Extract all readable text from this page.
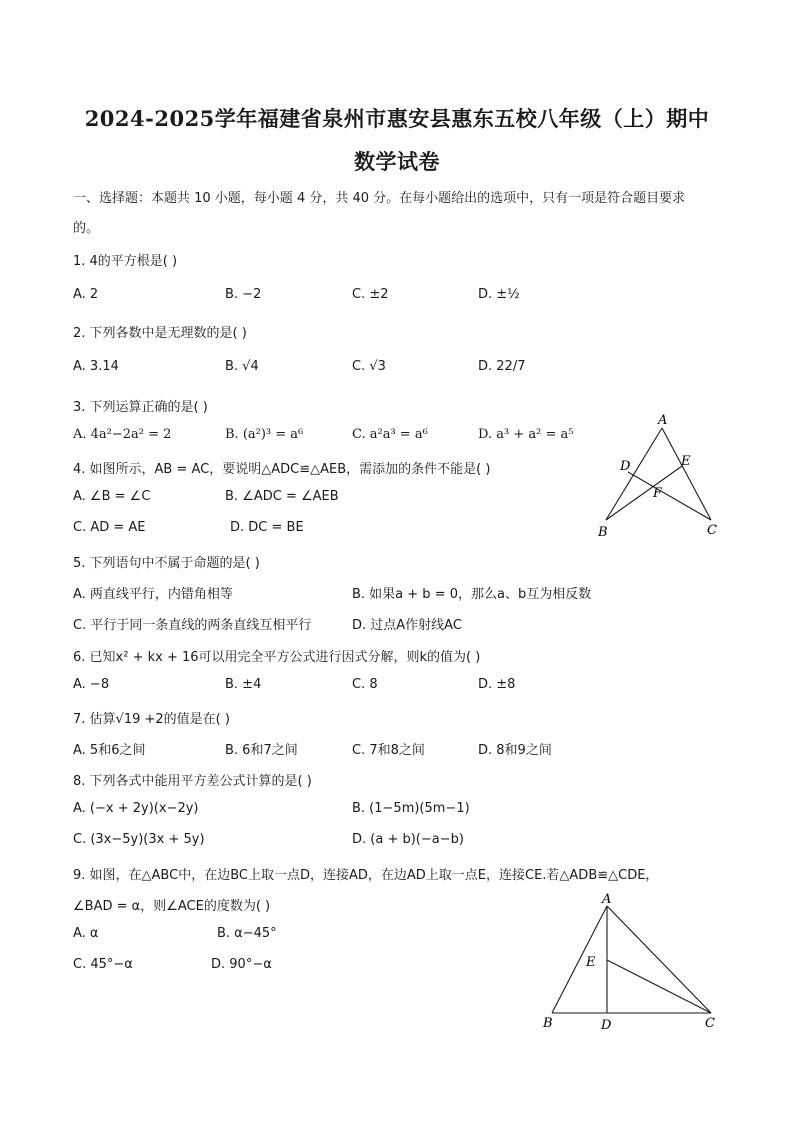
2024-2025学年福建省泉州市惠安县惠东五校八年级（上）期中
数学试卷
一、选择题：本题共 10 小题，每小题 4 分，共 40 分。在每小题给出的选项中，只有一项是符合题目要求
的。
1. 4的平方根是( )
A. 2	B. −2	C. ±2	D. ±½
2. 下列各数中是无理数的是( )
A. 3.14	B. √4	C. √3	D. 22/7
3. 下列运算正确的是( )
A. 4a²−2a² = 2	B. (a²)³ = a⁶	C. a²a³ = a⁶	D. a³ + a² = a⁵
4. 如图所示，AB = AC，要说明△ADC≌△AEB，需添加的条件不能是( )
A. ∠B = ∠C	B. ∠ADC = ∠AEB
C. AD = AE	D. DC = BE
A
D	E
F
B	C
5. 下列语句中不属于命题的是( )
A. 两直线平行，内错角相等	B. 如果a + b = 0，那么a、b互为相反数
C. 平行于同一条直线的两条直线互相平行	D. 过点A作射线AC
6. 已知x² + kx + 16可以用完全平方公式进行因式分解，则k的值为( )
A. −8	B. ±4	C. 8	D. ±8
7. 估算√19 +2的值是在( )
A. 5和6之间	B. 6和7之间	C. 7和8之间	D. 8和9之间
8. 下列各式中能用平方差公式计算的是( )
A. (−x + 2y)(x−2y)	B. (1−5m)(5m−1)
C. (3x−5y)(3x + 5y)	D. (a + b)(−a−b)
9. 如图，在△ABC中，在边BC上取一点D，连接AD，在边AD上取一点E，连接CE.若△ADB≌△CDE，
∠BAD = α，则∠ACE的度数为( )
A. α	B. α−45°
C. 45°−α	D. 90°−α
A
E
B	D	C
